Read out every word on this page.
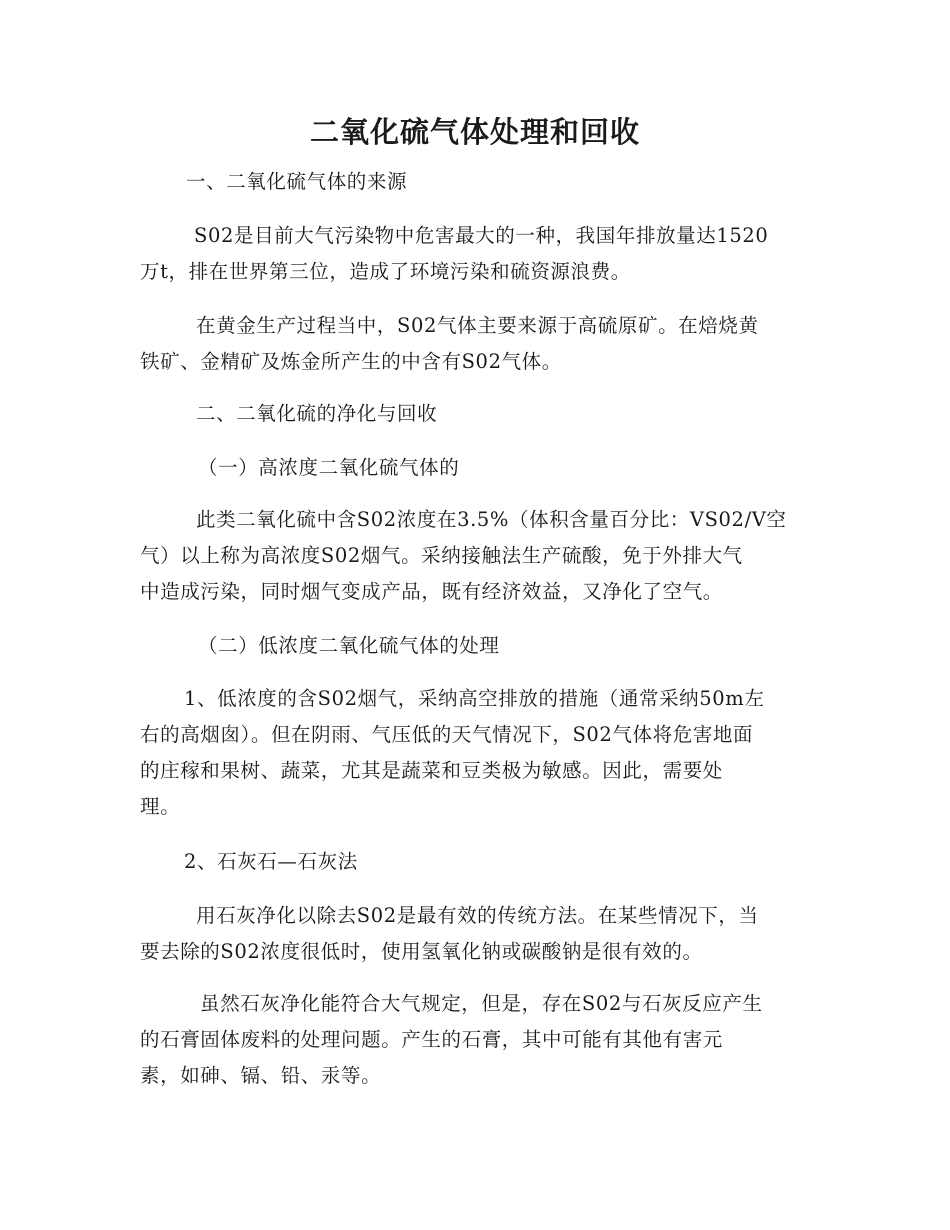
二氧化硫气体处理和回收
一、二氧化硫气体的来源
S02是目前大气污染物中危害最大的一种，我国年排放量达1520
万t，排在世界第三位，造成了环境污染和硫资源浪费。
在黄金生产过程当中，S02气体主要来源于高硫原矿。在焙烧黄
铁矿、金精矿及炼金所产生的中含有S02气体。
二、二氧化硫的净化与回收
（一）高浓度二氧化硫气体的
此类二氧化硫中含S02浓度在3.5%（体积含量百分比：VS02/V空
气）以上称为高浓度S02烟气。采纳接触法生产硫酸，免于外排大气
中造成污染，同时烟气变成产品，既有经济效益，又净化了空气。
（二）低浓度二氧化硫气体的处理
1、低浓度的含S02烟气，采纳高空排放的措施（通常采纳50m左
右的高烟囱）。但在阴雨、气压低的天气情况下，S02气体将危害地面
的庄稼和果树、蔬菜，尤其是蔬菜和豆类极为敏感。因此，需要处
理。
2、石灰石—石灰法
用石灰净化以除去S02是最有效的传统方法。在某些情况下，当
要去除的S02浓度很低时，使用氢氧化钠或碳酸钠是很有效的。
虽然石灰净化能符合大气规定，但是，存在S02与石灰反应产生
的石膏固体废料的处理问题。产生的石膏，其中可能有其他有害元
素，如砷、镉、铅、汞等。
